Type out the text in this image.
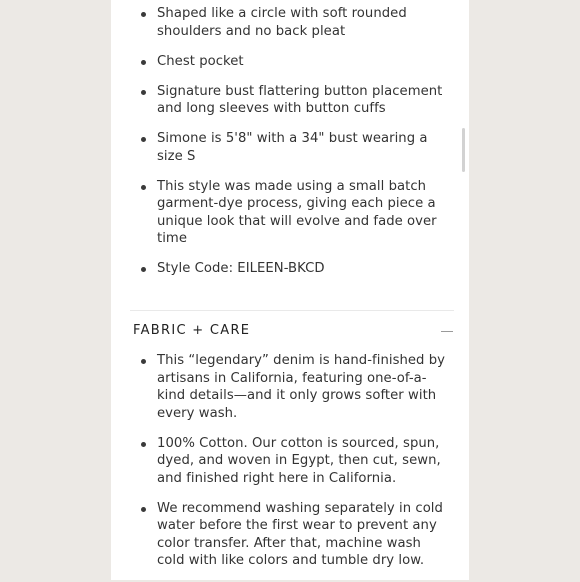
Shaped like a circle with soft rounded shoulders and no back pleat
Chest pocket
Signature bust flattering button placement and long sleeves with button cuffs
Simone is 5'8" with a 34" bust wearing a size S
This style was made using a small batch garment-dye process, giving each piece a unique look that will evolve and fade over time
Style Code: EILEEN-BKCD
FABRIC + CARE
This “legendary” denim is hand-finished by artisans in California, featuring one-of-a-kind details—and it only grows softer with every wash.
100% Cotton. Our cotton is sourced, spun, dyed, and woven in Egypt, then cut, sewn, and finished right here in California.
We recommend washing separately in cold water before the first wear to prevent any color transfer. After that, machine wash cold with like colors and tumble dry low.
